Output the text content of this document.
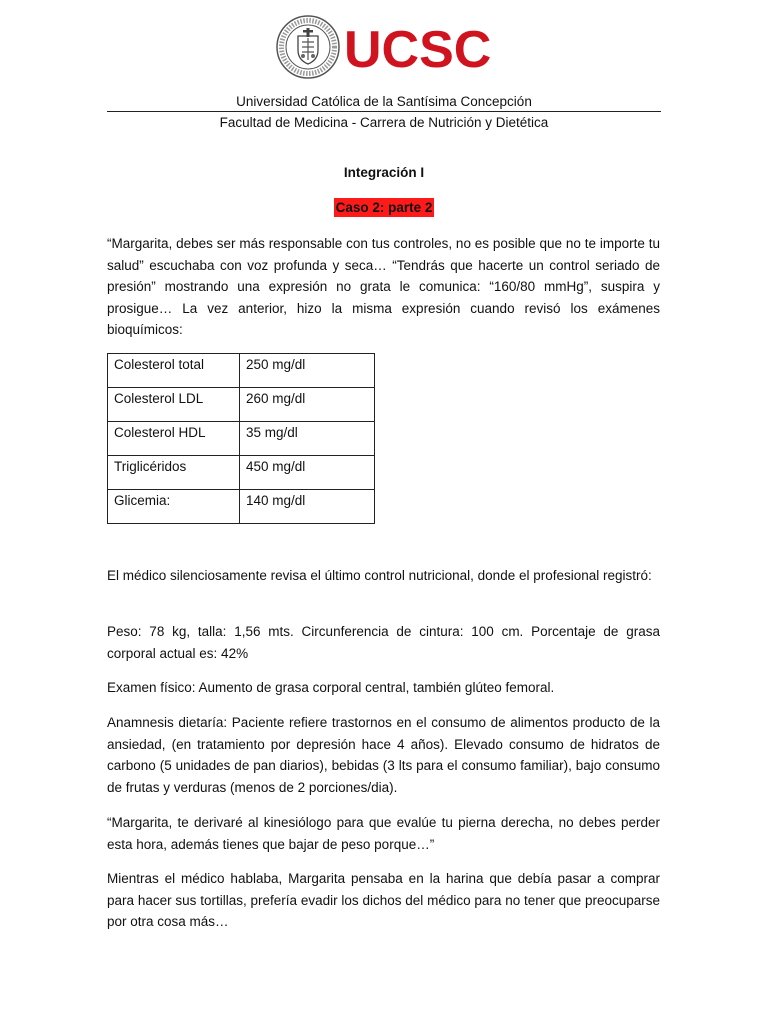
UCSC
Universidad Católica de la Santísima Concepción
Facultad de Medicina - Carrera de Nutrición y Dietética
Integración I
Caso 2: parte 2

“Margarita, debes ser más responsable con tus controles, no es posible que no te importe tu salud” escuchaba con voz profunda y seca… “Tendrás que hacerte un control seriado de presión” mostrando una expresión no grata le comunica: “160/80 mmHg”, suspira y prosigue… La vez anterior, hizo la misma expresión cuando revisó los exámenes bioquímicos:

Colesterol total	250 mg/dl
Colesterol LDL	260 mg/dl
Colesterol HDL	35 mg/dl
Triglicéridos	450 mg/dl
Glicemia:	140 mg/dl

El médico silenciosamente revisa el último control nutricional, donde el profesional registró:

Peso: 78 kg, talla: 1,56 mts. Circunferencia de cintura: 100 cm. Porcentaje de grasa corporal actual es: 42%

Examen físico: Aumento de grasa corporal central, también glúteo femoral.

Anamnesis dietaría: Paciente refiere trastornos en el consumo de alimentos producto de la ansiedad, (en tratamiento por depresión hace 4 años). Elevado consumo de hidratos de carbono (5 unidades de pan diarios), bebidas (3 lts para el consumo familiar), bajo consumo de frutas y verduras (menos de 2 porciones/dia).

“Margarita, te derivaré al kinesiólogo para que evalúe tu pierna derecha, no debes perder esta hora, además tienes que bajar de peso porque…”

Mientras el médico hablaba, Margarita pensaba en la harina que debía pasar a comprar para hacer sus tortillas, prefería evadir los dichos del médico para no tener que preocuparse por otra cosa más…
